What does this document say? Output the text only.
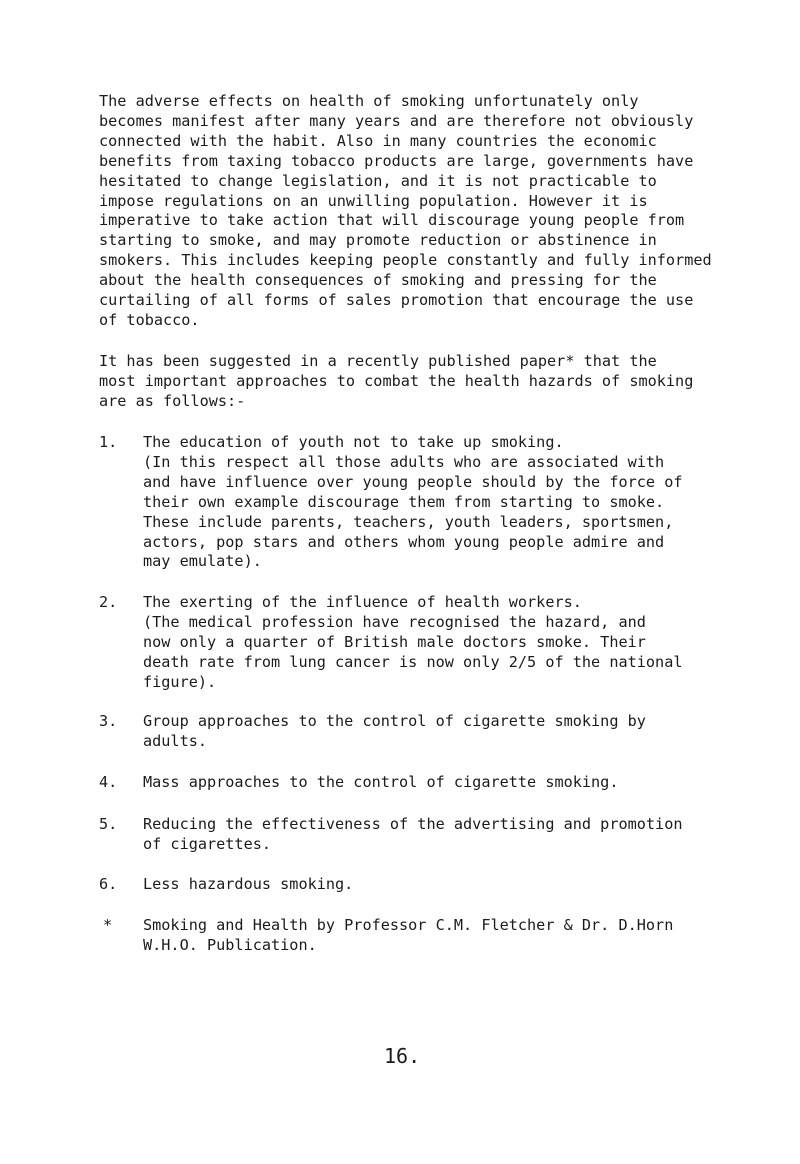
The adverse effects on health of smoking unfortunately only
becomes manifest after many years and are therefore not obviously
connected with the habit. Also in many countries the economic
benefits from taxing tobacco products are large, governments have
hesitated to change legislation, and it is not practicable to
impose regulations on an unwilling population. However it is
imperative to take action that will discourage young people from
starting to smoke, and may promote reduction or abstinence in
smokers. This includes keeping people constantly and fully informed
about the health consequences of smoking and pressing for the
curtailing of all forms of sales promotion that encourage the use
of tobacco.

It has been suggested in a recently published paper* that the
most important approaches to combat the health hazards of smoking
are as follows:-

1. The education of youth not to take up smoking.
(In this respect all those adults who are associated with
and have influence over young people should by the force of
their own example discourage them from starting to smoke.
These include parents, teachers, youth leaders, sportsmen,
actors, pop stars and others whom young people admire and
may emulate).
2. The exerting of the influence of health workers.
(The medical profession have recognised the hazard, and
now only a quarter of British male doctors smoke. Their
death rate from lung cancer is now only 2/5 of the national
figure).
3. Group approaches to the control of cigarette smoking by
adults.
4. Mass approaches to the control of cigarette smoking.
5. Reducing the effectiveness of the advertising and promotion
of cigarettes.
6. Less hazardous smoking.
* Smoking and Health by Professor C.M. Fletcher & Dr. D.Horn
W.H.O. Publication.
16.
